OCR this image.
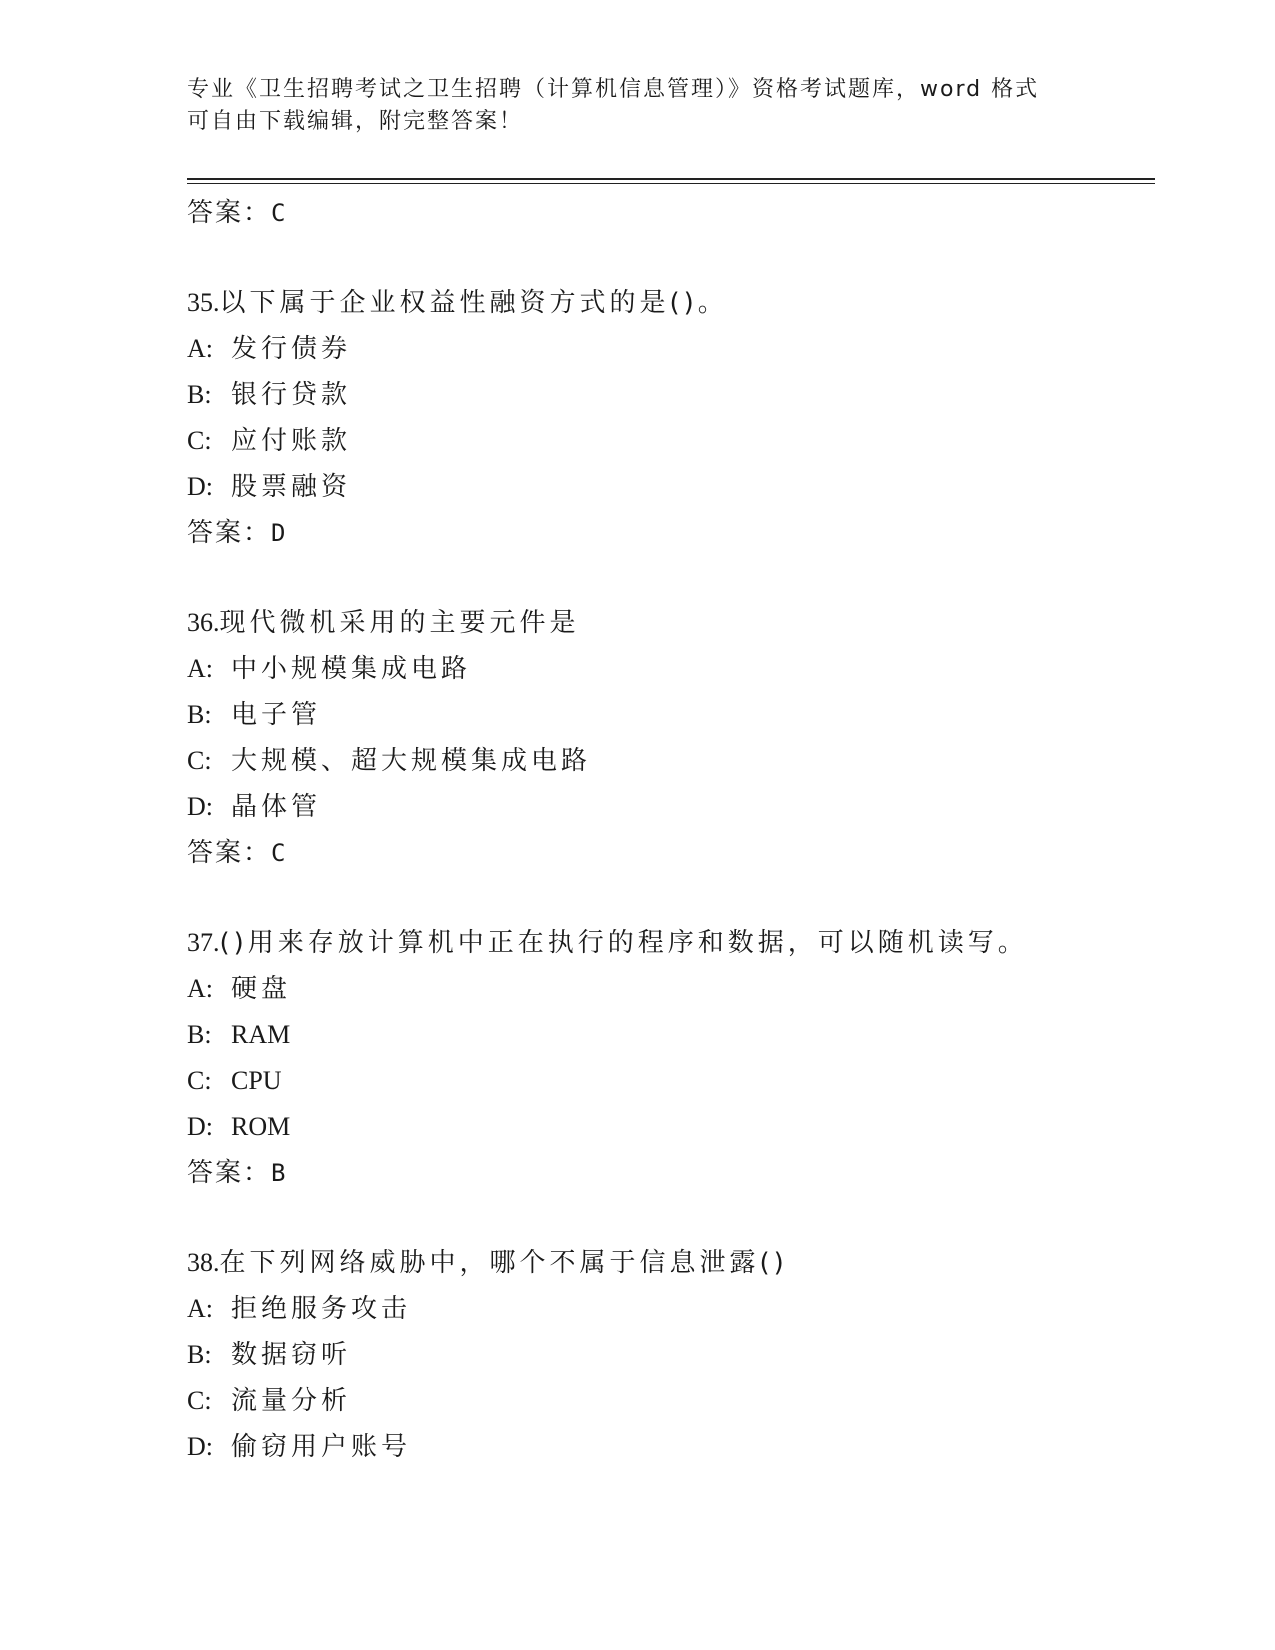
专业《卫生招聘考试之卫生招聘（计算机信息管理）》资格考试题库，word 格式
可自由下载编辑，附完整答案！
答案：C
35.以下属于企业权益性融资方式的是()。
A: 发行债券
B: 银行贷款
C: 应付账款
D: 股票融资
答案：D
36.现代微机采用的主要元件是
A: 中小规模集成电路
B: 电子管
C: 大规模、超大规模集成电路
D: 晶体管
答案：C
37.()用来存放计算机中正在执行的程序和数据，可以随机读写。
A: 硬盘
B: RAM
C: CPU
D: ROM
答案：B
38.在下列网络威胁中，哪个不属于信息泄露()
A: 拒绝服务攻击
B: 数据窃听
C: 流量分析
D: 偷窃用户账号
